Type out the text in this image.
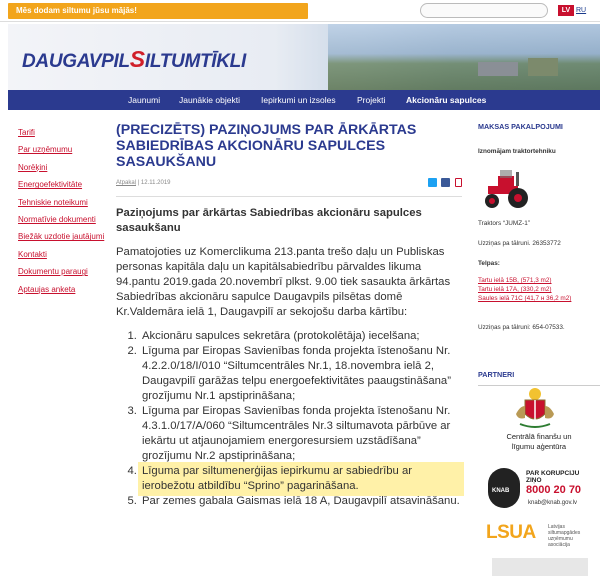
Mēs dodam siltumu jūsu mājās!	LV RU
DAUGAVPILSILTUMTĪKLI
Jaunumi Jaunākie objekti Iepirkumi un izsoles	Projekti Akcionāru sapulces
Tarifi
Par uzņēmumu
Norēķini
Energoefektivitāte
Tehniskie noteikumi
Normatīvie dokumenti
Biežāk uzdotie jautājumi
Kontakti
Dokumentu paraugi
Aptaujas anketa
(PRECIZĒTS) PAZIŅOJUMS PAR ĀRKĀRTAS SABIEDRĪBAS AKCIONĀRU SAPULCES SASAUKŠANU
Atpakaļ | 12.11.2019

Paziņojums par ārkārtas Sabiedrības akcionāru sapulces sasaukšanu
Pamatojoties uz Komerclikuma 213.panta trešo daļu un Publiskas personas kapitāla daļu un kapitālsabiedrību pārvaldes likuma 94.pantu 2019.gada 20.novembrī plkst. 9.00 tiek sasaukta ārkārtas Sabiedrības akcionāru sapulce Daugavpils pilsētas domē Kr.Valdemāra ielā 1, Daugavpilī ar sekojošu darba kārtību:
1. Akcionāru sapulces sekretāra (protokolētāja) iecelšana;
2. Līguma par Eiropas Savienības fonda projekta īstenošanu Nr. 4.2.2.0/18/I/010 “Siltumcentrāles Nr.1, 18.novembra ielā 2, Daugavpilī garāžas telpu energoefektivitātes paaugstināšana” grozījumu Nr.1 apstiprināšana;
3. Līguma par Eiropas Savienības fonda projekta īstenošanu Nr. 4.3.1.0/17/A/060 “Siltumcentrāles Nr.3 siltumavota pārbūve ar iekārtu ut atjaunojamiem energoresursiem uzstādīšana” grozījumu Nr.2 apstiprināšana;
4. Līguma par siltumenerģijas iepirkumu ar sabiedrību ar ierobežotu atbildību “Sprino” pagarināšana.
5. Par zemes gabala Gaismas ielā 18 A, Daugavpilī atsavināšanu.
MAKSAS PAKALPOJUMI
Iznomājam traktortehniku
Traktors “JUMZ-1”
Uzziņas pa tālruni. 26353772
Telpas:
Tartu ielā 15B, (571,3 m2)
Tartu ielā 17A, (330,2 m2)
Saules ielā 71C (41,7 н 36,2 m2)
Uzziņas pa tālruni: 654-07533.
PARTNERI
Centrālā finanšu un līgumu aģentūra
KNAB
PAR KORUPCIJU ZIŅO
8000 20 70
knab@knab.gov.lv
LSUA Latvijas siltumapgādes uzņēmumu asociācija
